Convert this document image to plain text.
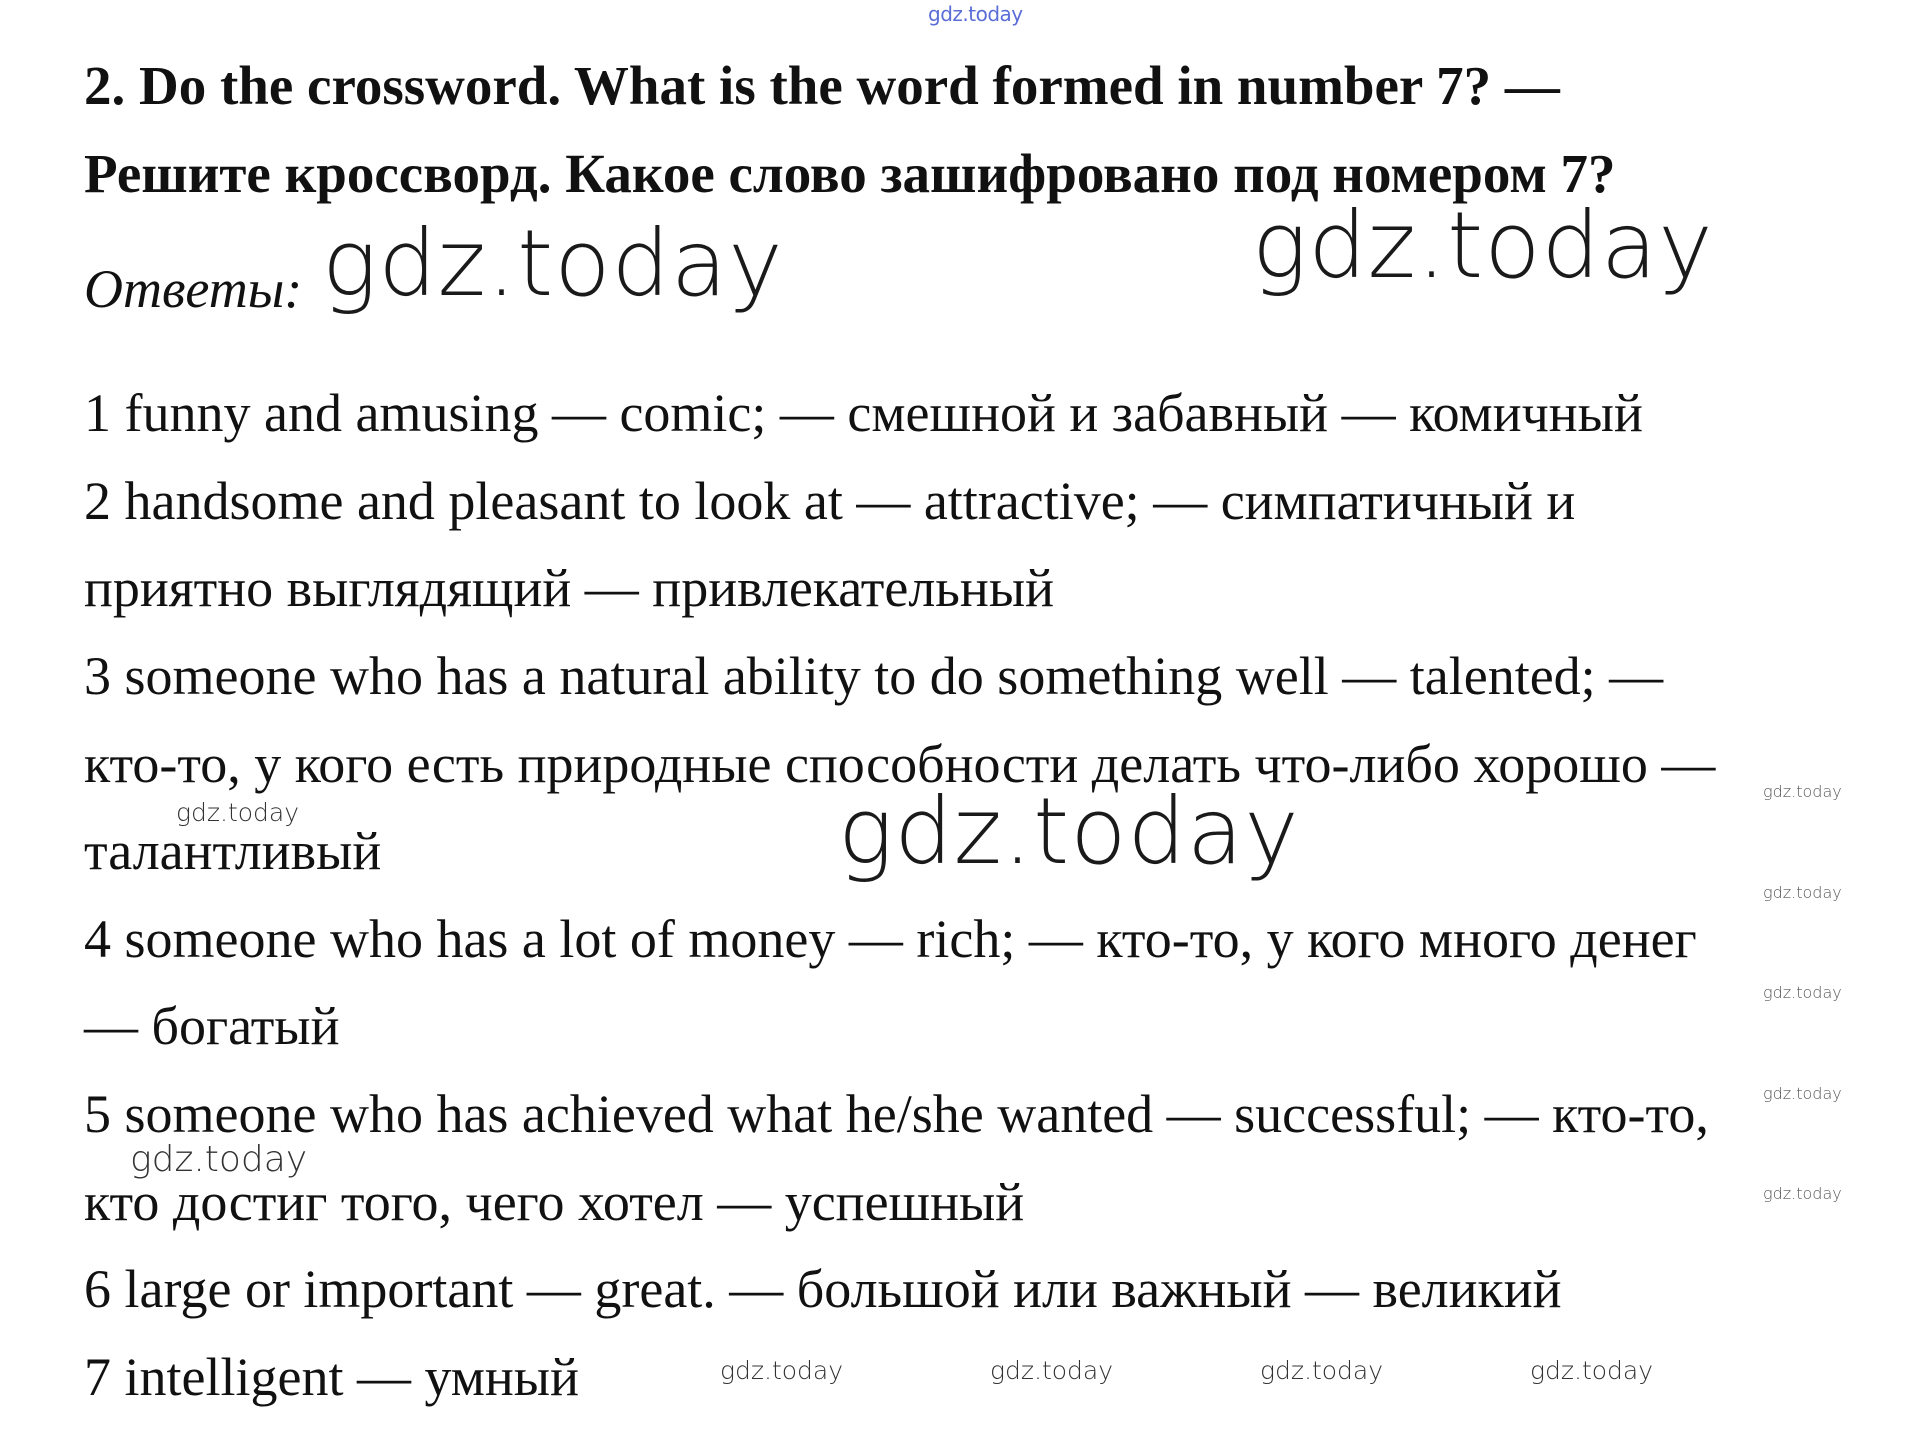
gdz.today
2. Do the crossword. What is the word formed in number 7? —
Решите кроссворд. Какое слово зашифровано под номером 7?
Ответы:
1 funny and amusing — comic; — смешной и забавный — комичный
2 handsome and pleasant to look at — attractive; — симпатичный и
приятно выглядящий — привлекательный
3 someone who has a natural ability to do something well — talented; —
кто-то, у кого есть природные способности делать что-либо хорошо —
талантливый
4 someone who has a lot of money — rich; — кто-то, у кого много денег
— богатый
5 someone who has achieved what he/she wanted — successful; — кто-то,
кто достиг того, чего хотел — успешный
6 large or important — great. — большой или важный — великий
7 intelligent — умный
gdz.today	gdz.today
gdz.today
gdz.today
gdz.today
gdz.today
gdz.today
gdz.today
gdz.today
gdz.today
gdz.today	gdz.today	gdz.today	gdz.today
